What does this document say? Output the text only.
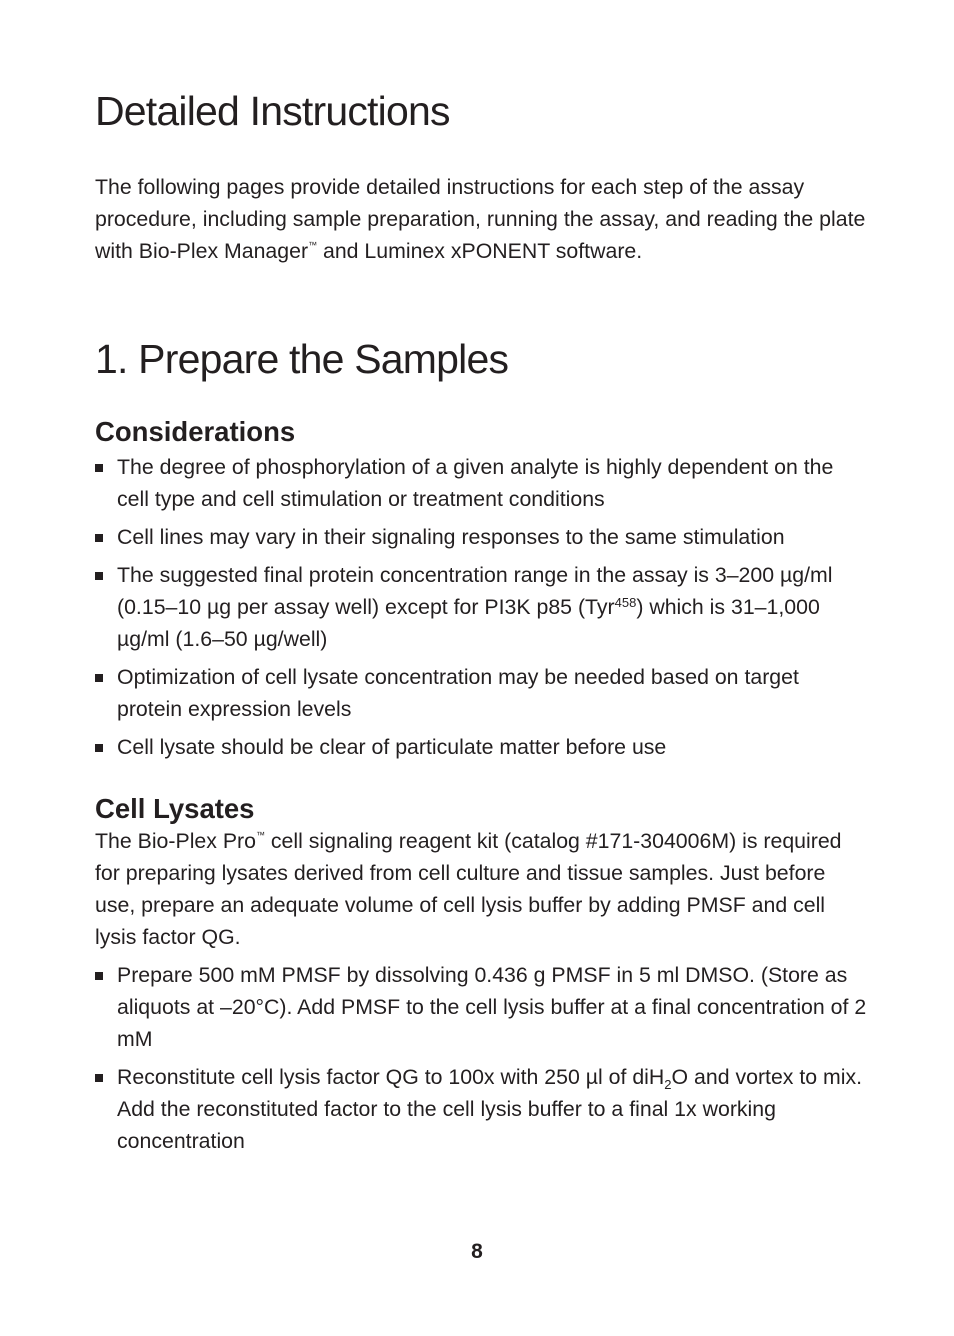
Detailed Instructions

The following pages provide detailed instructions for each step of the assay procedure, including sample preparation, running the assay, and reading the plate with Bio-Plex Manager™ and Luminex xPONENT software.

1. Prepare the Samples
Considerations
The degree of phosphorylation of a given analyte is highly dependent on the cell type and cell stimulation or treatment conditions
Cell lines may vary in their signaling responses to the same stimulation
The suggested final protein concentration range in the assay is 3–200 µg/ml (0.15–10 µg per assay well) except for PI3K p85 (Tyr$^{458}$) which is 31–1,000 µg/ml (1.6–50 µg/well)
Optimization of cell lysate concentration may be needed based on target protein expression levels
Cell lysate should be clear of particulate matter before use
Cell Lysates

The Bio-Plex Pro™ cell signaling reagent kit (catalog #171-304006M) is required for preparing lysates derived from cell culture and tissue samples. Just before use, prepare an adequate volume of cell lysis buffer by adding PMSF and cell lysis factor QG.

Prepare 500 mM PMSF by dissolving 0.436 g PMSF in 5 ml DMSO. (Store as aliquots at –20°C). Add PMSF to the cell lysis buffer at a final concentration of 2 mM
Reconstitute cell lysis factor QG to 100x with 250 µl of diH$_2$O and vortex to mix. Add the reconstituted factor to the cell lysis buffer to a final 1x working concentration
8
